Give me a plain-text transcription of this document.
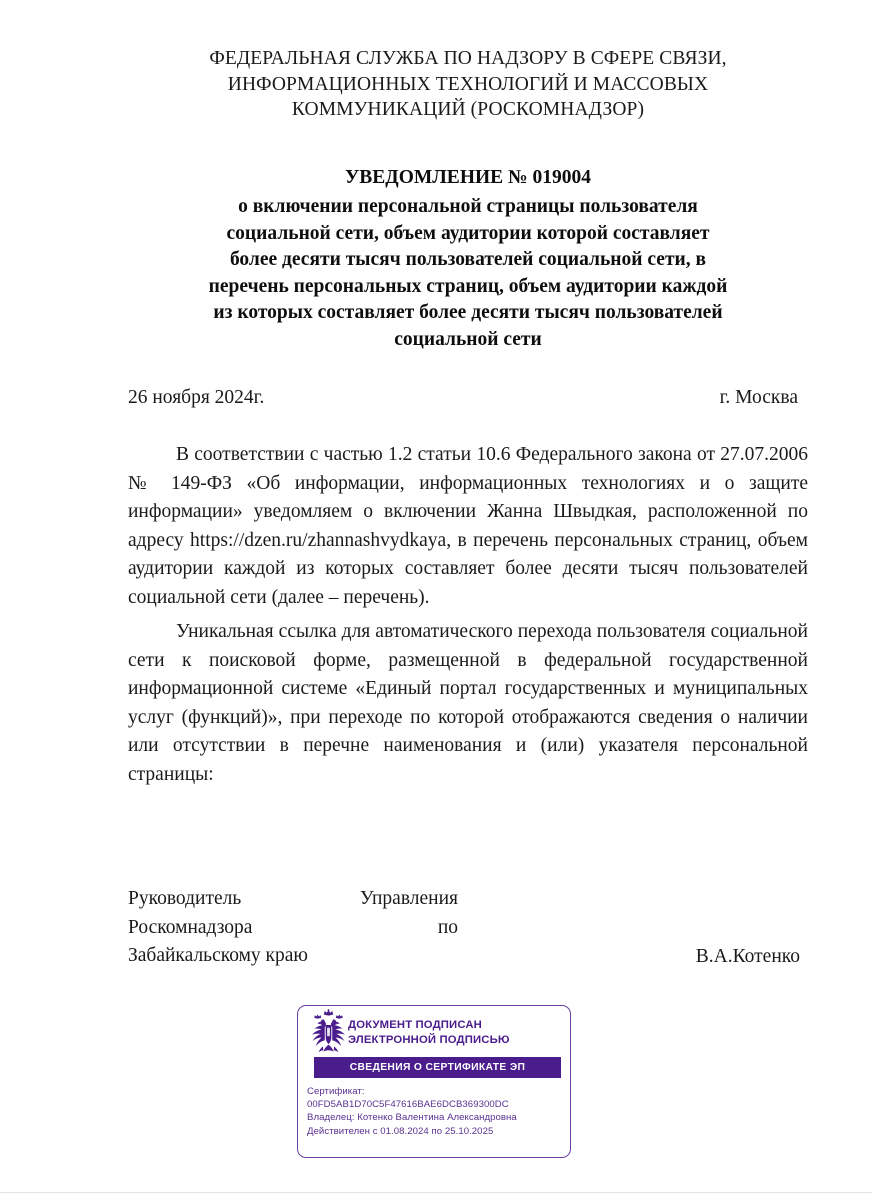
ФЕДЕРАЛЬНАЯ СЛУЖБА ПО НАДЗОРУ В СФЕРЕ СВЯЗИ,
ИНФОРМАЦИОННЫХ ТЕХНОЛОГИЙ И МАССОВЫХ
КОММУНИКАЦИЙ (РОСКОМНАДЗОР)
УВЕДОМЛЕНИЕ № 019004
о включении персональной страницы пользователя
социальной сети, объем аудитории которой составляет
более десяти тысяч пользователей социальной сети, в
перечень персональных страниц, объем аудитории каждой
из которых составляет более десяти тысяч пользователей
социальной сети
26 ноября 2024г.	г. Москва

В соответствии с частью 1.2 статьи 10.6 Федерального закона от 27.07.2006 № 149-ФЗ «Об информации, информационных технологиях и о защите информации» уведомляем о включении Жанна Швыдкая, расположенной по адресу https://dzen.ru/zhannashvydkaya, в перечень персональных страниц, объем аудитории каждой из которых составляет более десяти тысяч пользователей социальной сети (далее – перечень).

Уникальная ссылка для автоматического перехода пользователя социальной сети к поисковой форме, размещенной в федеральной государственной информационной системе «Единый портал государственных и муниципальных услуг (функций)», при переходе по которой отображаются сведения о наличии или отсутствии в перечне наименования и (или) указателя персональной страницы:

Руководитель	Управления
Роскомнадзора	по
Забайкальскому краю	В.А.Котенко
ДОКУМЕНТ ПОДПИСАН
ЭЛЕКТРОННОЙ ПОДПИСЬЮ
СВЕДЕНИЯ О СЕРТИФИКАТЕ ЭП
Сертификат:
00FD5AB1D70C5F47616BAE6DCB369300DC
Владелец: Котенко Валентина Александровна
Действителен с 01.08.2024 по 25.10.2025
